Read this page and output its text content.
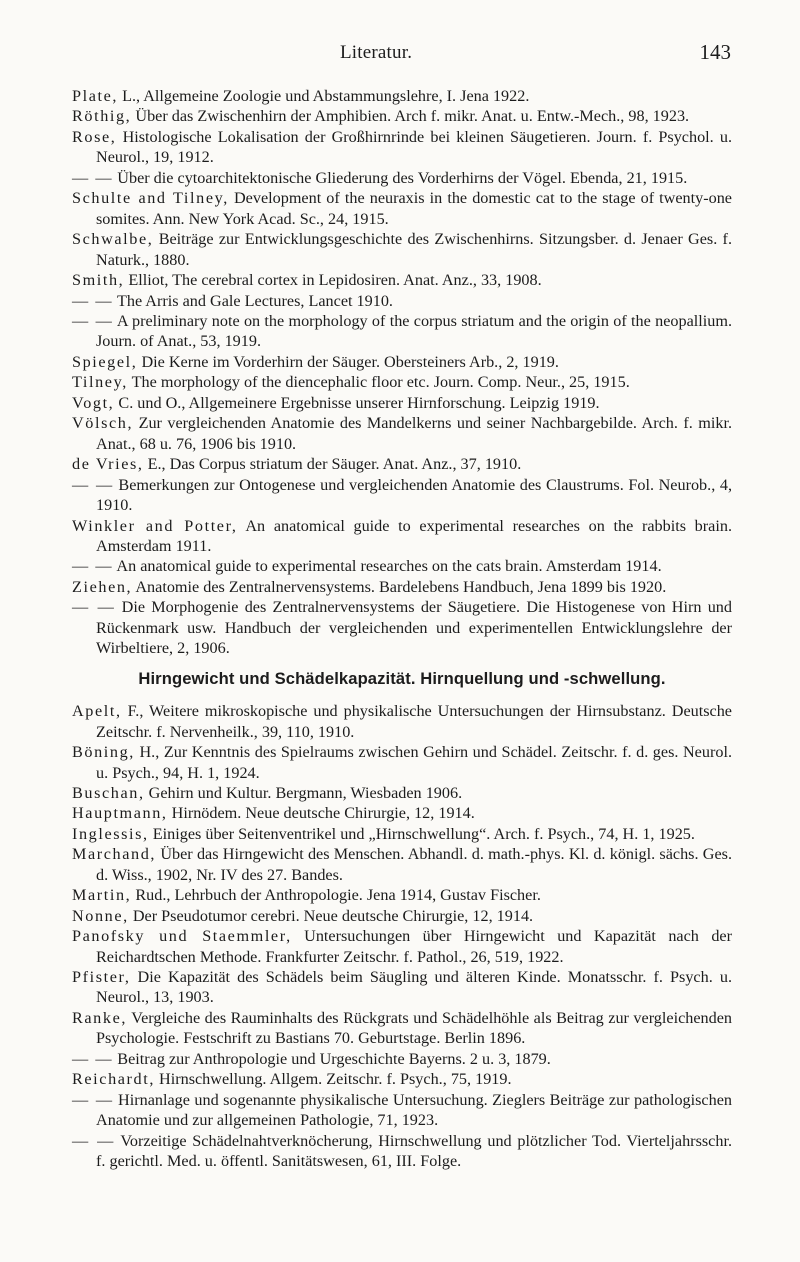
Literatur.	143

Plate, L., Allgemeine Zoologie und Abstammungslehre, I. Jena 1922.

Röthig, Über das Zwischenhirn der Amphibien. Arch f. mikr. Anat. u. Entw.-Mech., 98, 1923.

Rose, Histologische Lokalisation der Großhirnrinde bei kleinen Säugetieren. Journ. f. Psychol. u. Neurol., 19, 1912.

— — Über die cytoarchitektonische Gliederung des Vorderhirns der Vögel. Ebenda, 21, 1915.

Schulte and Tilney, Development of the neuraxis in the domestic cat to the stage of twenty-one somites. Ann. New York Acad. Sc., 24, 1915.

Schwalbe, Beiträge zur Entwicklungsgeschichte des Zwischenhirns. Sitzungsber. d. Jenaer Ges. f. Naturk., 1880.

Smith, Elliot, The cerebral cortex in Lepidosiren. Anat. Anz., 33, 1908.

— — The Arris and Gale Lectures, Lancet 1910.

— — A preliminary note on the morphology of the corpus striatum and the origin of the neopallium. Journ. of Anat., 53, 1919.

Spiegel, Die Kerne im Vorderhirn der Säuger. Obersteiners Arb., 2, 1919.

Tilney, The morphology of the diencephalic floor etc. Journ. Comp. Neur., 25, 1915.

Vogt, C. und O., Allgemeinere Ergebnisse unserer Hirnforschung. Leipzig 1919.

Völsch, Zur vergleichenden Anatomie des Mandelkerns und seiner Nachbargebilde. Arch. f. mikr. Anat., 68 u. 76, 1906 bis 1910.

de Vries, E., Das Corpus striatum der Säuger. Anat. Anz., 37, 1910.

— — Bemerkungen zur Ontogenese und vergleichenden Anatomie des Claustrums. Fol. Neurob., 4, 1910.

Winkler and Potter, An anatomical guide to experimental researches on the rabbits brain. Amsterdam 1911.

— — An anatomical guide to experimental researches on the cats brain. Amsterdam 1914.

Ziehen, Anatomie des Zentralnervensystems. Bardelebens Handbuch, Jena 1899 bis 1920.

— — Die Morphogenie des Zentralnervensystems der Säugetiere. Die Histogenese von Hirn und Rückenmark usw. Handbuch der vergleichenden und experimentellen Entwicklungslehre der Wirbeltiere, 2, 1906.

Hirngewicht und Schädelkapazität. Hirnquellung und -schwellung.

Apelt, F., Weitere mikroskopische und physikalische Untersuchungen der Hirnsubstanz. Deutsche Zeitschr. f. Nervenheilk., 39, 110, 1910.

Böning, H., Zur Kenntnis des Spielraums zwischen Gehirn und Schädel. Zeitschr. f. d. ges. Neurol. u. Psych., 94, H. 1, 1924.

Buschan, Gehirn und Kultur. Bergmann, Wiesbaden 1906.

Hauptmann, Hirnödem. Neue deutsche Chirurgie, 12, 1914.

Inglessis, Einiges über Seitenventrikel und „Hirnschwellung“. Arch. f. Psych., 74, H. 1, 1925.

Marchand, Über das Hirngewicht des Menschen. Abhandl. d. math.-phys. Kl. d. königl. sächs. Ges. d. Wiss., 1902, Nr. IV des 27. Bandes.

Martin, Rud., Lehrbuch der Anthropologie. Jena 1914, Gustav Fischer.

Nonne, Der Pseudotumor cerebri. Neue deutsche Chirurgie, 12, 1914.

Panofsky und Staemmler, Untersuchungen über Hirngewicht und Kapazität nach der Reichardtschen Methode. Frankfurter Zeitschr. f. Pathol., 26, 519, 1922.

Pfister, Die Kapazität des Schädels beim Säugling und älteren Kinde. Monatsschr. f. Psych. u. Neurol., 13, 1903.

Ranke, Vergleiche des Rauminhalts des Rückgrats und Schädelhöhle als Beitrag zur vergleichenden Psychologie. Festschrift zu Bastians 70. Geburtstage. Berlin 1896.

— — Beitrag zur Anthropologie und Urgeschichte Bayerns. 2 u. 3, 1879.

Reichardt, Hirnschwellung. Allgem. Zeitschr. f. Psych., 75, 1919.

— — Hirnanlage und sogenannte physikalische Untersuchung. Zieglers Beiträge zur pathologischen Anatomie und zur allgemeinen Pathologie, 71, 1923.

— — Vorzeitige Schädelnahtverknöcherung, Hirnschwellung und plötzlicher Tod. Vierteljahrsschr. f. gerichtl. Med. u. öffentl. Sanitätswesen, 61, III. Folge.
